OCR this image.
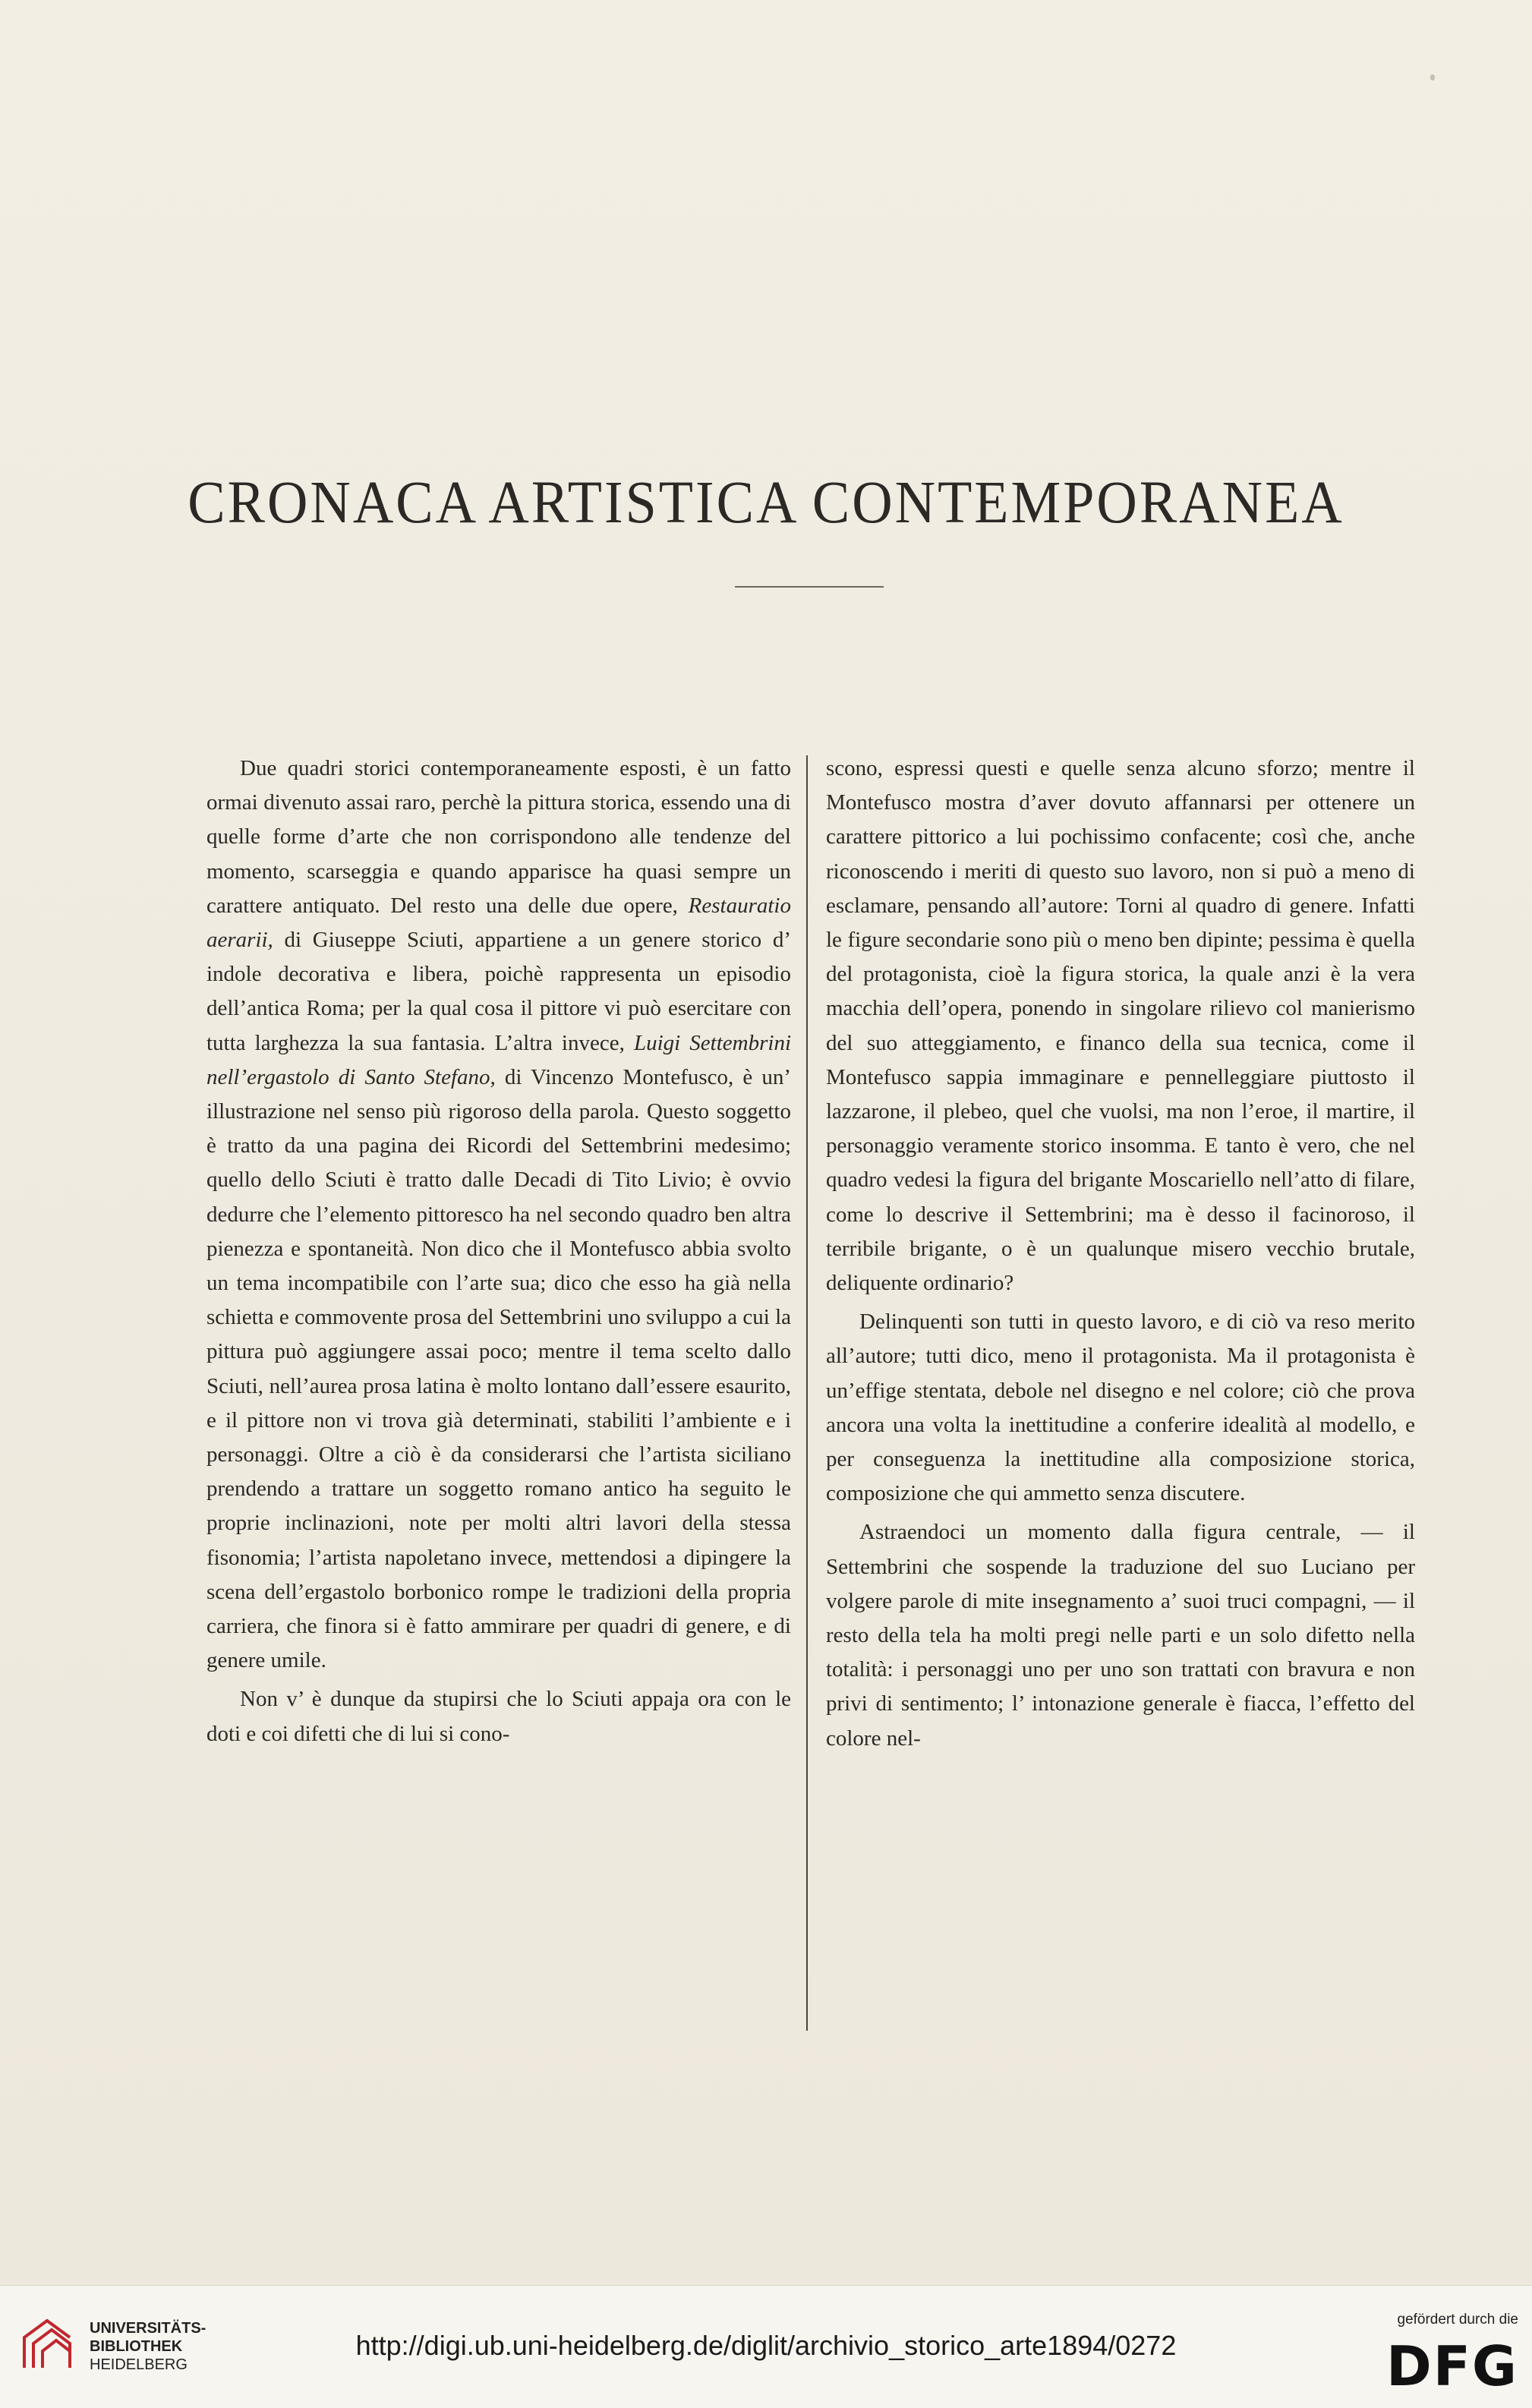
CRONACA ARTISTICA CONTEMPORANEA

Due quadri storici contemporaneamente esposti, è un fatto ormai divenuto assai raro, perchè la pittura storica, essendo una di quelle forme d’arte che non corrispondono alle tendenze del momento, scarseggia e quando apparisce ha quasi sempre un carattere antiquato. Del resto una delle due opere, Restauratio aerarii, di Giuseppe Sciuti, appartiene a un genere storico d’ indole decorativa e libera, poichè rappresenta un episodio dell’antica Roma; per la qual cosa il pittore vi può esercitare con tutta larghezza la sua fantasia. L’altra invece, Luigi Settembrini nell’ergastolo di Santo Stefano, di Vincenzo Montefusco, è un’ illustrazione nel senso più rigoroso della parola. Questo soggetto è tratto da una pagina dei Ricordi del Settembrini medesimo; quello dello Sciuti è tratto dalle Decadi di Tito Livio; è ovvio dedurre che l’elemento pittoresco ha nel secondo quadro ben altra pienezza e spontaneità. Non dico che il Montefusco abbia svolto un tema incompatibile con l’arte sua; dico che esso ha già nella schietta e commovente prosa del Settembrini uno sviluppo a cui la pittura può aggiungere assai poco; mentre il tema scelto dallo Sciuti, nell’aurea prosa latina è molto lontano dall’essere esaurito, e il pittore non vi trova già determinati, stabiliti l’ambiente e i personaggi. Oltre a ciò è da considerarsi che l’artista siciliano prendendo a trattare un soggetto romano antico ha seguito le proprie inclinazioni, note per molti altri lavori della stessa fisonomia; l’artista napoletano invece, mettendosi a dipingere la scena dell’ergastolo borbonico rompe le tradizioni della propria carriera, che finora si è fatto ammirare per quadri di genere, e di genere umile.

Non v’ è dunque da stupirsi che lo Sciuti appaja ora con le doti e coi difetti che di lui si cono-

scono, espressi questi e quelle senza alcuno sforzo; mentre il Montefusco mostra d’aver dovuto affannarsi per ottenere un carattere pittorico a lui pochissimo confacente; così che, anche riconoscendo i meriti di questo suo lavoro, non si può a meno di esclamare, pensando all’autore: Torni al quadro di genere. Infatti le figure secondarie sono più o meno ben dipinte; pessima è quella del protagonista, cioè la figura storica, la quale anzi è la vera macchia dell’opera, ponendo in singolare rilievo col manierismo del suo atteggiamento, e financo della sua tecnica, come il Montefusco sappia immaginare e pennelleggiare piuttosto il lazzarone, il plebeo, quel che vuolsi, ma non l’eroe, il martire, il personaggio veramente storico insomma. E tanto è vero, che nel quadro vedesi la figura del brigante Moscariello nell’atto di filare, come lo descrive il Settembrini; ma è desso il facinoroso, il terribile brigante, o è un qualunque misero vecchio brutale, deliquente ordinario?

Delinquenti son tutti in questo lavoro, e di ciò va reso merito all’autore; tutti dico, meno il protagonista. Ma il protagonista è un’effige stentata, debole nel disegno e nel colore; ciò che prova ancora una volta la inettitudine a conferire idealità al modello, e per conseguenza la inettitudine alla composizione storica, composizione che qui ammetto senza discutere.

Astraendoci un momento dalla figura centrale, — il Settembrini che sospende la traduzione del suo Luciano per volgere parole di mite insegnamento a’ suoi truci compagni, — il resto della tela ha molti pregi nelle parti e un solo difetto nella totalità: i personaggi uno per uno son trattati con bravura e non privi di sentimento; l’ intonazione generale è fiacca, l’effetto del colore nel-

UNIVERSITÄTS-
BIBLIOTHEK
HEIDELBERG
http://digi.ub.uni-heidelberg.de/diglit/archivio_storico_arte1894/0272
gefördert durch die
DFG
